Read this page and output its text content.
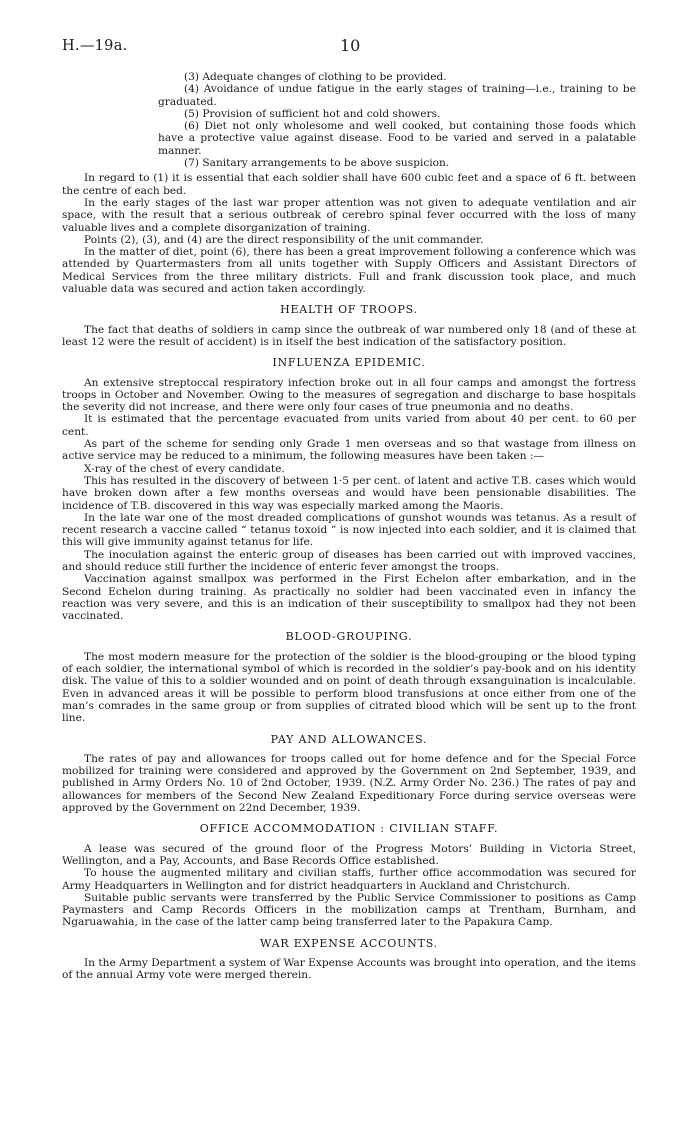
H.—19a.	10

(3) Adequate changes of clothing to be provided.

(4) Avoidance of undue fatigue in the early stages of training—i.e., training to be graduated.

(5) Provision of sufficient hot and cold showers.

(6) Diet not only wholesome and well cooked, but containing those foods which have a protective value against disease. Food to be varied and served in a palatable manner.

(7) Sanitary arrangements to be above suspicion.

In regard to (1) it is essential that each soldier shall have 600 cubic feet and a space of 6 ft. between the centre of each bed.

In the early stages of the last war proper attention was not given to adequate ventilation and air space, with the result that a serious outbreak of cerebro spinal fever occurred with the loss of many valuable lives and a complete disorganization of training.

Points (2), (3), and (4) are the direct responsibility of the unit commander.

In the matter of diet, point (6), there has been a great improvement following a conference which was attended by Quartermasters from all units together with Supply Officers and Assistant Directors of Medical Services from the three military districts. Full and frank discussion took place, and much valuable data was secured and action taken accordingly.

HEALTH OF TROOPS.

The fact that deaths of soldiers in camp since the outbreak of war numbered only 18 (and of these at least 12 were the result of accident) is in itself the best indication of the satisfactory position.

INFLUENZA EPIDEMIC.

An extensive streptoccal respiratory infection broke out in all four camps and amongst the fortress troops in October and November. Owing to the measures of segregation and discharge to base hospitals the severity did not increase, and there were only four cases of true pneumonia and no deaths.

It is estimated that the percentage evacuated from units varied from about 40 per cent. to 60 per cent.

As part of the scheme for sending only Grade 1 men overseas and so that wastage from illness on active service may be reduced to a minimum, the following measures have been taken :—

X-ray of the chest of every candidate.

This has resulted in the discovery of between 1·5 per cent. of latent and active T.B. cases which would have broken down after a few months overseas and would have been pensionable disabilities. The incidence of T.B. discovered in this way was especially marked among the Maoris.

In the late war one of the most dreaded complications of gunshot wounds was tetanus. As a result of recent research a vaccine called “ tetanus toxoid ” is now injected into each soldier, and it is claimed that this will give immunity against tetanus for life.

The inoculation against the enteric group of diseases has been carried out with improved vaccines, and should reduce still further the incidence of enteric fever amongst the troops.

Vaccination against smallpox was performed in the First Echelon after embarkation, and in the Second Echelon during training. As practically no soldier had been vaccinated even in infancy the reaction was very severe, and this is an indication of their susceptibility to smallpox had they not been vaccinated.

BLOOD-GROUPING.

The most modern measure for the protection of the soldier is the blood-grouping or the blood typing of each soldier, the international symbol of which is recorded in the soldier’s pay-book and on his identity disk. The value of this to a soldier wounded and on point of death through exsanguination is incalculable. Even in advanced areas it will be possible to perform blood transfusions at once either from one of the man’s comrades in the same group or from supplies of citrated blood which will be sent up to the front line.

PAY AND ALLOWANCES.

The rates of pay and allowances for troops called out for home defence and for the Special Force mobilized for training were considered and approved by the Government on 2nd September, 1939, and published in Army Orders No. 10 of 2nd October, 1939. (N.Z. Army Order No. 236.) The rates of pay and allowances for members of the Second New Zealand Expeditionary Force during service overseas were approved by the Government on 22nd December, 1939.

OFFICE ACCOMMODATION : CIVILIAN STAFF.

A lease was secured of the ground floor of the Progress Motors’ Building in Victoria Street, Wellington, and a Pay, Accounts, and Base Records Office established.

To house the augmented military and civilian staffs, further office accommodation was secured for Army Headquarters in Wellington and for district headquarters in Auckland and Christchurch.

Suitable public servants were transferred by the Public Service Commissioner to positions as Camp Paymasters and Camp Records Officers in the mobilization camps at Trentham, Burnham, and Ngaruawahia, in the case of the latter camp being transferred later to the Papakura Camp.

WAR EXPENSE ACCOUNTS.

In the Army Department a system of War Expense Accounts was brought into operation, and the items of the annual Army vote were merged therein.
